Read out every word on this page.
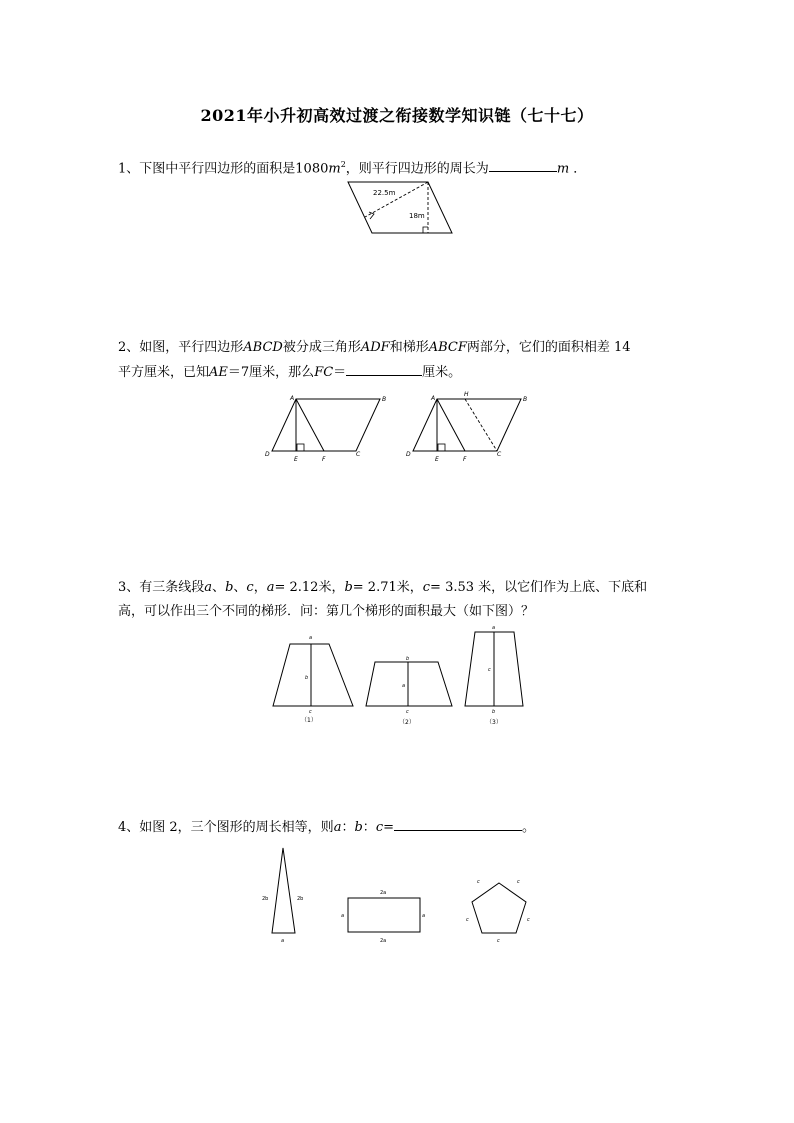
2021年小升初高效过渡之衔接数学知识链（七十七）
1、下图中平行四边形的面积是$1080m^2$，则平行四边形的周长为	m ．
22.5m
18m
2、如图，平行四边形ABCD被分成三角形ADF和梯形ABCF两部分，它们的面积相差 14
平方厘米，已知AE＝7厘米，那么FC＝	厘米。
A	B
C
D
E	F
A
H
B
C
D
E	F
3、有三条线段a、b、c，a= 2.12米，b= 2.71米，c= 3.53 米，以它们作为上底、下底和
高，可以作出三个不同的梯形．问：第几个梯形的面积最大（如下图）？
a
b
c
（1）
b
a
c
（2）
a
c
b
（3）
4、如图 2，三个图形的周长相等，则a：b：c=	。
2b	2b
a
2a
2a
a	a
c	c
c	c
c
